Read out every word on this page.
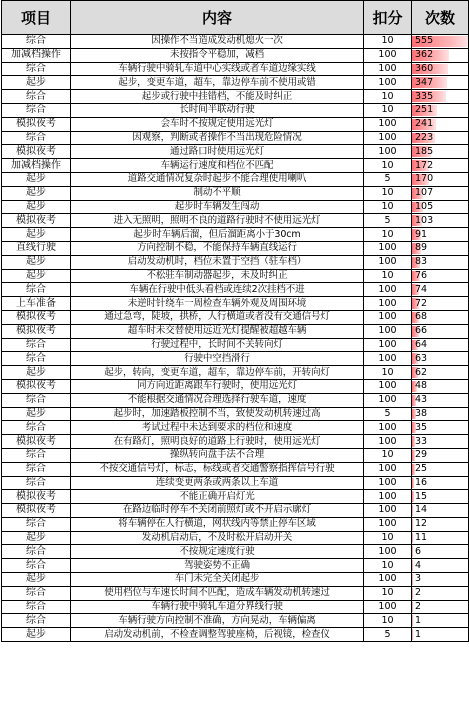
项目	内容	扣分	次数
综合	因操作不当造成发动机熄火一次	10	555
加减档操作	未按指令平稳加，减档	100	362
综合	车辆行驶中骑轧车道中心实线或者车道边缘实线	100	360
起步	起步，变更车道，超车，靠边停车前不使用或错	100	347
综合	起步或行驶中挂错档，不能及时纠正	10	335
综合	长时间半联动行驶	10	251
模拟夜考	会车时不按规定使用远光灯	100	241
综合	因观察，判断或者操作不当出现危险情况	100	223
模拟夜考	通过路口时使用远光灯	100	185
加减档操作	车辆运行速度和档位不匹配	10	172
起步	道路交通情况复杂时起步不能合理使用喇叭	5	170
起步	制动不平顺	10	107
起步	起步时车辆发生闯动	10	105
模拟夜考	进入无照明，照明不良的道路行驶时不使用远光灯	5	103
起步	起步时车辆后溜，但后溜距离小于30cm	10	91
直线行驶	方向控制不稳，不能保持车辆直线运行	100	89
起步	启动发动机时，档位未置于空挡（驻车档）	100	83
起步	不松驻车制动器起步，未及时纠正	10	76
综合	车辆在行驶中低头看档或连续2次挂档不进	100	74
上车准备	未逆时针绕车一周检查车辆外观及周围环境	100	72
模拟夜考	通过急弯，陡坡，拱桥，人行横道或者没有交通信号灯	100	68
模拟夜考	超车时未交替使用远近光灯提醒被超越车辆	100	66
综合	行驶过程中，长时间不关转向灯	100	64
综合	行驶中空挡滑行	100	63
起步	起步，转向，变更车道，超车，靠边停车前，开转向灯	10	62
模拟夜考	同方向近距离跟车行驶时，使用远光灯	100	48
综合	不能根据交通情况合理选择行驶车道，速度	100	43
起步	起步时，加速踏板控制不当，致使发动机转速过高	5	38
综合	考试过程中未达到要求的档位和速度	100	35
模拟夜考	在有路灯，照明良好的道路上行驶时，使用远光灯	100	33
综合	操纵转向盘手法不合理	10	29
综合	不按交通信号灯，标志，标线或者交通警察指挥信号行驶	100	25
综合	连续变更两条或两条以上车道	100	16
模拟夜考	不能正确开启灯光	100	15
模拟夜考	在路边临时停车不关闭前照灯或不开启示廓灯	100	14
综合	将车辆停在人行横道，网状线内等禁止停车区域	100	12
起步	发动机启动后，不及时松开启动开关	10	11
综合	不按规定速度行驶	100	6
综合	驾驶姿势不正确	10	4
起步	车门未完全关闭起步	100	3
综合	使用档位与车速长时间不匹配，造成车辆发动机转速过	10	2
综合	车辆行驶中骑轧车道分界线行驶	100	2
综合	车辆行驶方向控制不准确，方向晃动，车辆偏离	10	1
起步	启动发动机前，不检查调整驾驶座椅，后视镜，检查仪	5	1
